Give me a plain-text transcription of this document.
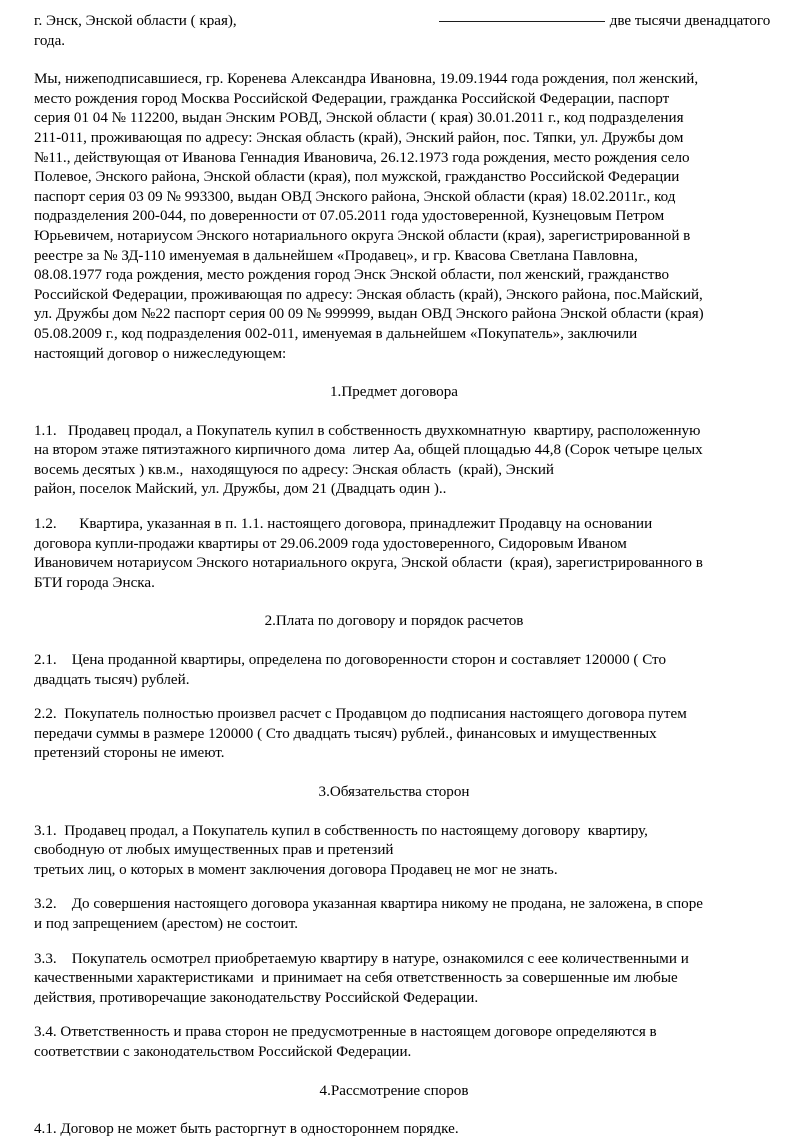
г. Энск, Энской области ( края),	две тысячи двенадцатого
года.

Мы, нижеподписавшиеся, гр. Коренева Александра Ивановна, 19.09.1944 года рождения, пол женский,
место рождения город Москва Российской Федерации, гражданка Российской Федерации, паспорт
серия 01 04 № 112200, выдан Энским РОВД, Энской области ( края) 30.01.2011 г., код подразделения
211-011, проживающая по адресу: Энская область (край), Энский район, пос. Тяпки, ул. Дружбы дом
№11., действующая от Иванова Геннадия Ивановича, 26.12.1973 года рождения, место рождения село
Полевое, Энского района, Энской области (края), пол мужской, гражданство Российской Федерации
паспорт серия 03 09 № 993300, выдан ОВД Энского района, Энской области (края) 18.02.2011г., код
подразделения 200-044, по доверенности от 07.05.2011 года удостоверенной, Кузнецовым Петром
Юрьевичем, нотариусом Энского нотариального округа Энской области (края), зарегистрированной в
реестре за № ЗД-110 именуемая в дальнейшем «Продавец», и гр. Квасова Светлана Павловна,
08.08.1977 года рождения, место рождения город Энск Энской области, пол женский, гражданство
Российской Федерации, проживающая по адресу: Энская область (край), Энского района, пос.Майский,
ул. Дружбы дом №22 паспорт серия 00 09 № 999999, выдан ОВД Энского района Энской области (края)
05.08.2009 г., код подразделения 002-011, именуемая в дальнейшем «Покупатель», заключили
настоящий договор о нижеследующем:

1.Предмет договора

1.1.   Продавец продал, а Покупатель купил в собственность двухкомнатную  квартиру, расположенную
на втором этаже пятиэтажного кирпичного дома  литер Аа, общей площадью 44,8 (Сорок четыре целых
восемь десятых ) кв.м.,  находящуюся по адресу: Энская область  (край), Энский
район, поселок Майский, ул. Дружбы, дом 21 (Двадцать один )..

1.2.      Квартира, указанная в п. 1.1. настоящего договора, принадлежит Продавцу на основании
договора купли-продажи квартиры от 29.06.2009 года удостоверенного, Сидоровым Иваном
Ивановичем нотариусом Энского нотариального округа, Энской области  (края), зарегистрированного в
БТИ города Энска.

2.Плата по договору и порядок расчетов

2.1.    Цена проданной квартиры, определена по договоренности сторон и составляет 120000 ( Сто
двадцать тысяч) рублей.

2.2.  Покупатель полностью произвел расчет с Продавцом до подписания настоящего договора путем
передачи суммы в размере 120000 ( Сто двадцать тысяч) рублей., финансовых и имущественных
претензий стороны не имеют.

3.Обязательства сторон

3.1.  Продавец продал, а Покупатель купил в собственность по настоящему договору  квартиру,
свободную от любых имущественных прав и претензий
третьих лиц, о которых в момент заключения договора Продавец не мог не знать.

3.2.    До совершения настоящего договора указанная квартира никому не продана, не заложена, в споре
и под запрещением (арестом) не состоит.

3.3.    Покупатель осмотрел приобретаемую квартиру в натуре, ознакомился с еее количественными и
качественными характеристиками  и принимает на себя ответственность за совершенные им любые
действия, противоречащие законодательству Российской Федерации.

3.4. Ответственность и права сторон не предусмотренные в настоящем договоре определяются в
соответствии с законодательством Российской Федерации.

4.Рассмотрение споров

4.1. Договор не может быть расторгнут в одностороннем порядке.
